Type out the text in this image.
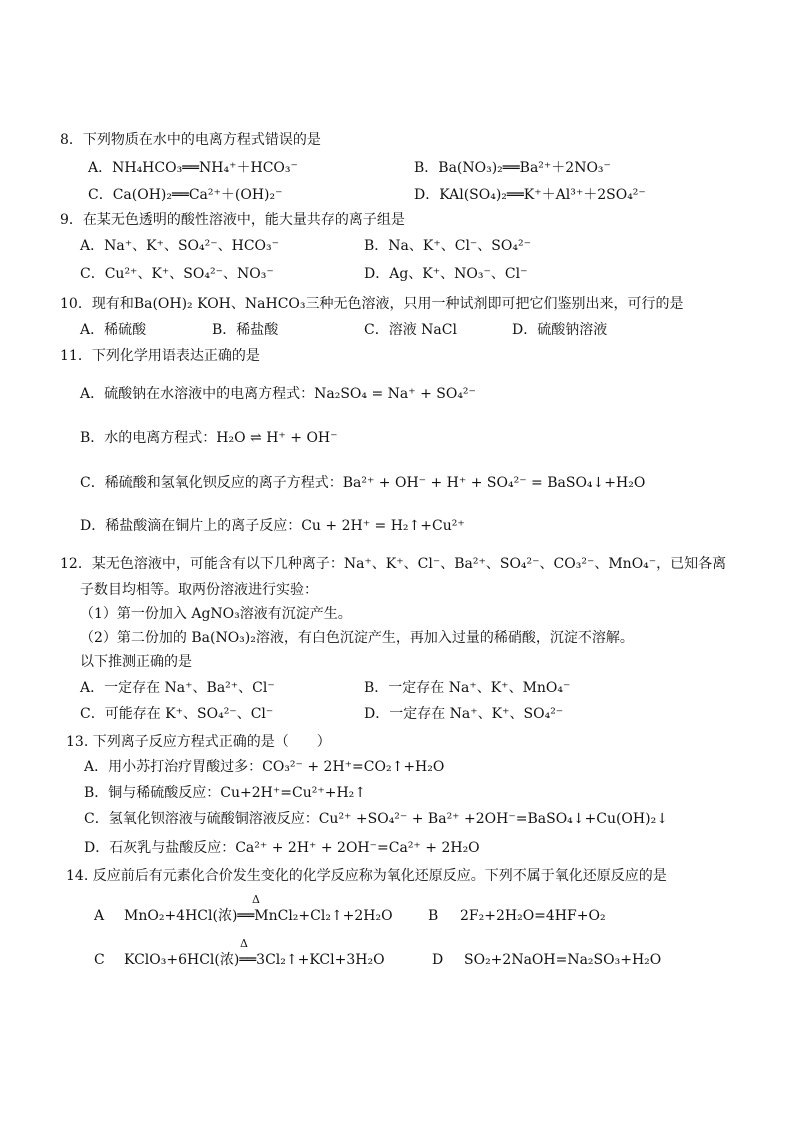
8．下列物质在水中的电离方程式错误的是
A．NH₄HCO₃══NH₄⁺＋HCO₃⁻	B．Ba(NO₃)₂══Ba²⁺＋2NO₃⁻
C．Ca(OH)₂══Ca²⁺＋(OH)₂⁻	D．KAl(SO₄)₂══K⁺＋Al³⁺＋2SO₄²⁻
9．在某无色透明的酸性溶液中，能大量共存的离子组是
A．Na⁺、K⁺、SO₄²⁻、HCO₃⁻	B．Na、K⁺、Cl⁻、SO₄²⁻
C．Cu²⁺、K⁺、SO₄²⁻、NO₃⁻	D．Ag、K⁺、NO₃⁻、Cl⁻
10．现有和Ba(OH)₂ KOH、NaHCO₃三种无色溶液，只用一种试剂即可把它们鉴别出来，可行的是
A．稀硫酸	B．稀盐酸	C．溶液 NaCl	D．硫酸钠溶液
11．下列化学用语表达正确的是
A．硫酸钠在水溶液中的电离方程式：Na₂SO₄ = Na⁺ + SO₄²⁻
B．水的电离方程式：H₂O ⇌ H⁺ + OH⁻
C．稀硫酸和氢氧化钡反应的离子方程式：Ba²⁺ + OH⁻ + H⁺ + SO₄²⁻ = BaSO₄↓+H₂O
D．稀盐酸滴在铜片上的离子反应：Cu + 2H⁺ = H₂↑+Cu²⁺
12．某无色溶液中，可能含有以下几种离子：Na⁺、K⁺、Cl⁻、Ba²⁺、SO₄²⁻、CO₃²⁻、MnO₄⁻，已知各离
子数目均相等。取两份溶液进行实验：
（1）第一份加入 AgNO₃溶液有沉淀产生。
（2）第二份加的 Ba(NO₃)₂溶液，有白色沉淀产生，再加入过量的稀硝酸，沉淀不溶解。
以下推测正确的是
A．一定存在 Na⁺、Ba²⁺、Cl⁻	B．一定存在 Na⁺、K⁺、MnO₄⁻
C．可能存在 K⁺、SO₄²⁻、Cl⁻	D．一定存在 Na⁺、K⁺、SO₄²⁻
13. 下列离子反应方程式正确的是（　　）
A．用小苏打治疗胃酸过多：CO₃²⁻ + 2H⁺=CO₂↑+H₂O
B．铜与稀硫酸反应：Cu+2H⁺=Cu²⁺+H₂↑
C．氢氧化钡溶液与硫酸铜溶液反应：Cu²⁺ +SO₄²⁻ + Ba²⁺ +2OH⁻=BaSO₄↓+Cu(OH)₂↓
D．石灰乳与盐酸反应：Ca²⁺ + 2H⁺ + 2OH⁻=Ca²⁺ + 2H₂O
14. 反应前后有元素化合价发生变化的化学反应称为氧化还原反应。下列不属于氧化还原反应的是
A
Δ
MnO₂+4HCl(浓)══MnCl₂+Cl₂↑+2H₂O	B 2F₂+2H₂O=4HF+O₂
C
Δ
KClO₃+6HCl(浓)══3Cl₂↑+KCl+3H₂O	D SO₂+2NaOH=Na₂SO₃+H₂O
